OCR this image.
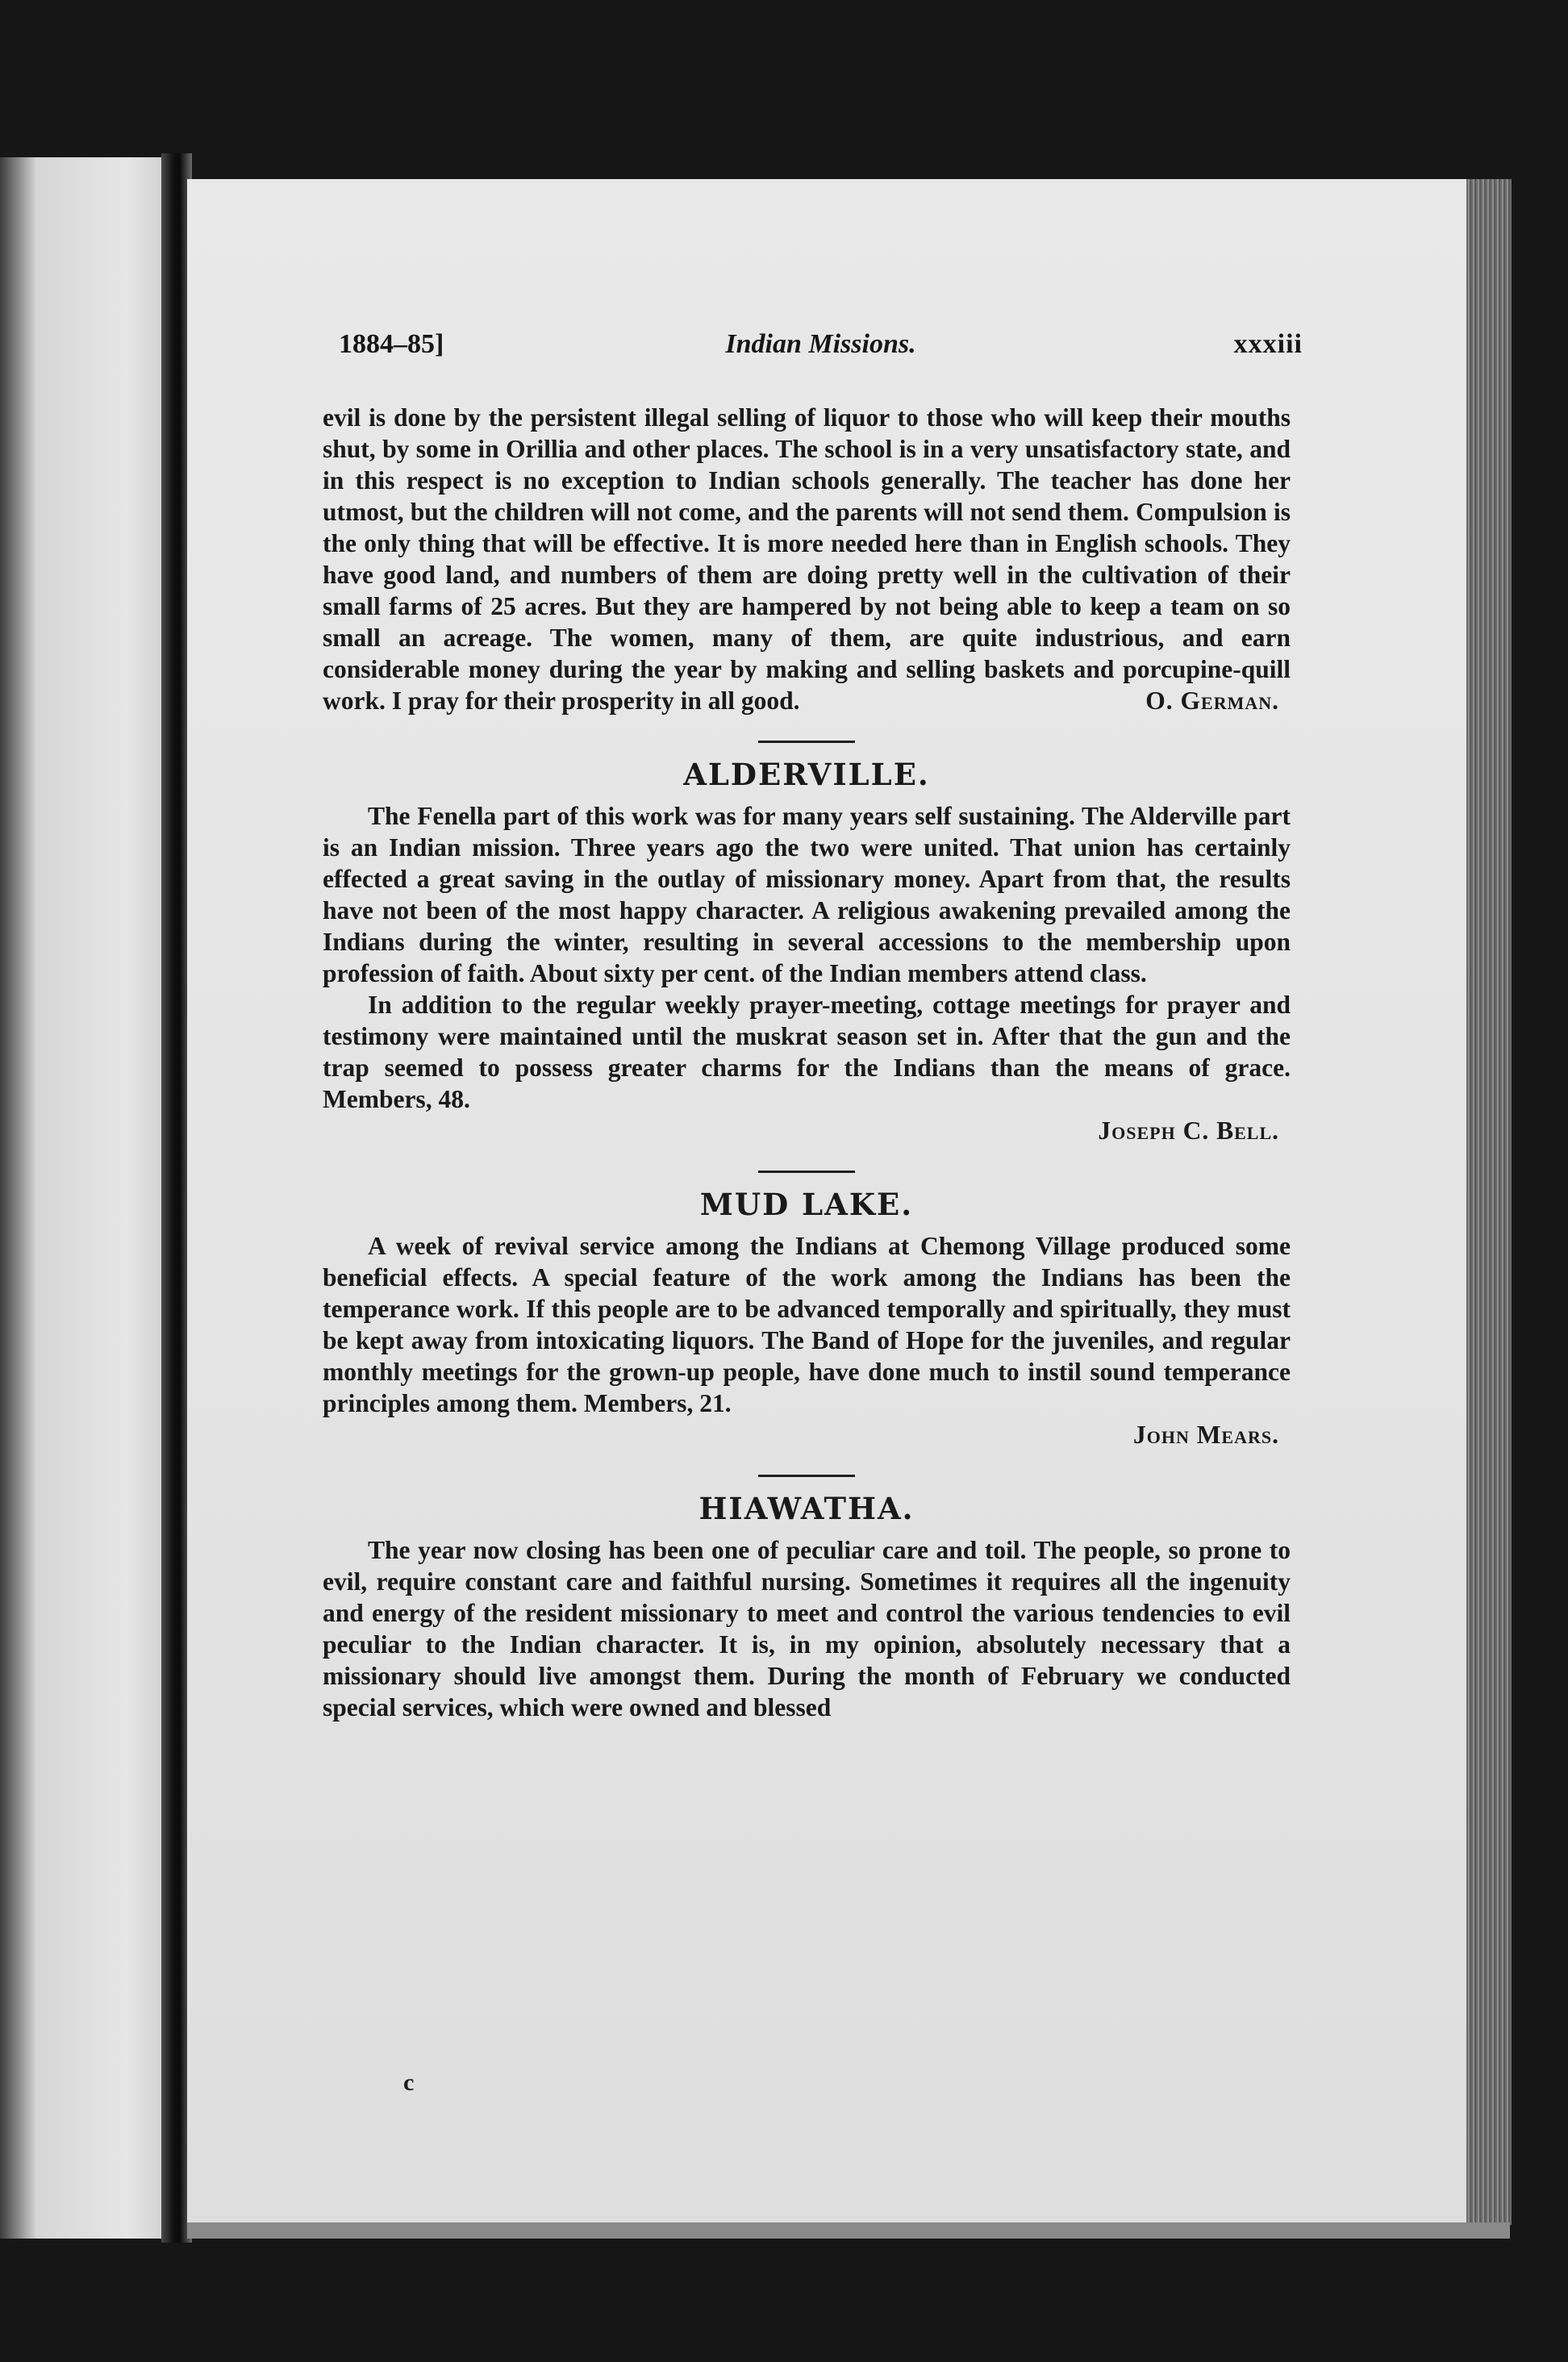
1884–85]	Indian Missions.	xxxiii

evil is done by the persistent illegal selling of liquor to those who will keep their mouths shut, by some in Orillia and other places. The school is in a very unsatisfactory state, and in this respect is no exception to Indian schools generally. The teacher has done her utmost, but the children will not come, and the parents will not send them. Compulsion is the only thing that will be effective. It is more needed here than in English schools. They have good land, and numbers of them are doing pretty well in the cultivation of their small farms of 25 acres. But they are hampered by not being able to keep a team on so small an acreage. The women, many of them, are quite industrious, and earn considerable money during the year by making and selling baskets and porcupine-quill work. I pray for their prosperity in all good.	O. German.

ALDERVILLE.

The Fenella part of this work was for many years self sustaining. The Alderville part is an Indian mission. Three years ago the two were united. That union has certainly effected a great saving in the outlay of missionary money. Apart from that, the results have not been of the most happy character. A religious awakening prevailed among the Indians during the winter, resulting in several accessions to the membership upon profession of faith. About sixty per cent. of the Indian members attend class.

In addition to the regular weekly prayer-meeting, cottage meetings for prayer and testimony were maintained until the muskrat season set in. After that the gun and the trap seemed to possess greater charms for the Indians than the means of grace. Members, 48.

Joseph C. Bell.

MUD LAKE.

A week of revival service among the Indians at Chemong Village produced some beneficial effects. A special feature of the work among the Indians has been the temperance work. If this people are to be advanced temporally and spiritually, they must be kept away from intoxicating liquors. The Band of Hope for the juveniles, and regular monthly meetings for the grown-up people, have done much to instil sound temperance principles among them. Members, 21.

John Mears.

HIAWATHA.

The year now closing has been one of peculiar care and toil. The people, so prone to evil, require constant care and faithful nursing. Sometimes it requires all the ingenuity and energy of the resident missionary to meet and control the various tendencies to evil peculiar to the Indian character. It is, in my opinion, absolutely necessary that a missionary should live amongst them. During the month of February we conducted special services, which were owned and blessed

c
